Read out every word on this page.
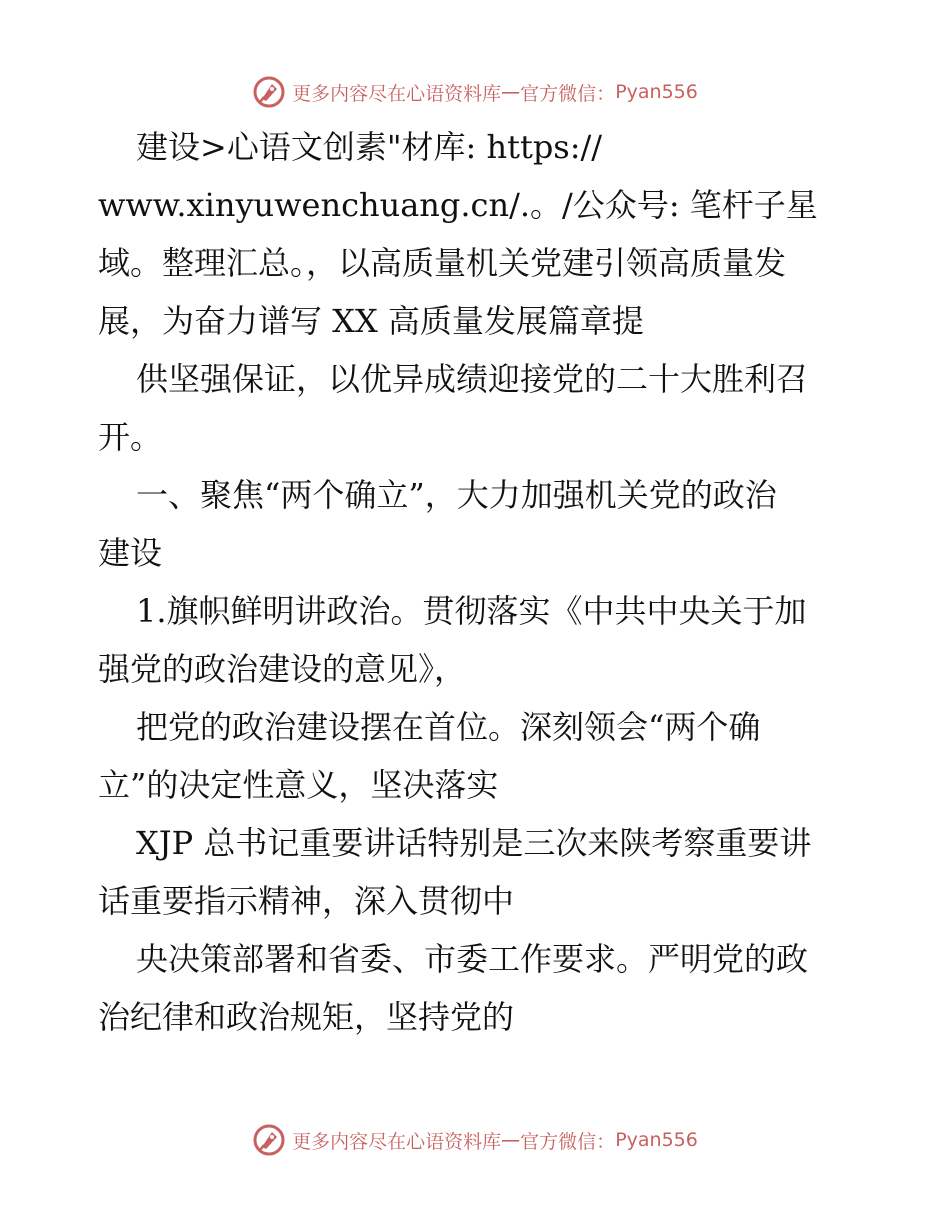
更多内容尽在心语资料库 — 官方微信： Pyan556
建设>心语文创素"材库: https://
www.xinyuwenchuang.cn/.。/公众号: 笔杆子星
域。整理汇总。，以高质量机关党建引领高质量发
展，为奋力谱写 XX 高质量发展篇章提
供坚强保证，以优异成绩迎接党的二十大胜利召
开。
一、聚焦“两个确立”，大力加强机关党的政治
建设
1.旗帜鲜明讲政治。贯彻落实《中共中央关于加
强党的政治建设的意见》，
把党的政治建设摆在首位。深刻领会“两个确
立”的决定性意义，坚决落实
XJP 总书记重要讲话特别是三次来陕考察重要讲
话重要指示精神，深入贯彻中
央决策部署和省委、市委工作要求。严明党的政
治纪律和政治规矩，坚持党的
更多内容尽在心语资料库 — 官方微信： Pyan556
